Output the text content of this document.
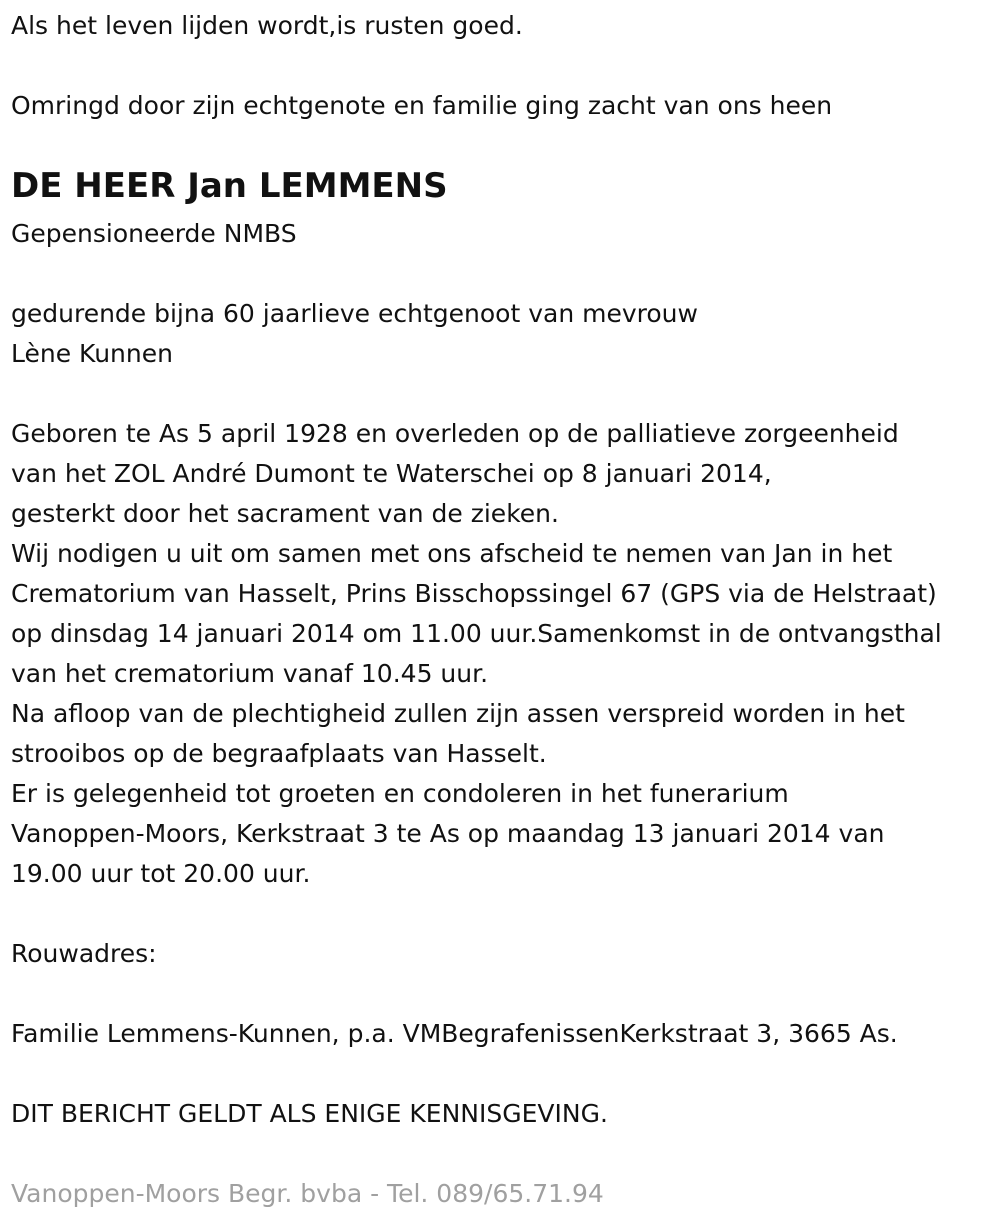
Als het leven lijden wordt,is rusten goed.
Omringd door zijn echtgenote en familie ging zacht van ons heen
DE HEER Jan LEMMENS
Gepensioneerde NMBS
gedurende bijna 60 jaarlieve echtgenoot van mevrouw
Lène Kunnen
Geboren te As 5 april 1928 en overleden op de palliatieve zorgeenheid
van het ZOL André Dumont te Waterschei op 8 januari 2014,
gesterkt door het sacrament van de zieken.
Wij nodigen u uit om samen met ons afscheid te nemen van Jan in het
Crematorium van Hasselt, Prins Bisschopssingel 67 (GPS via de Helstraat)
op dinsdag 14 januari 2014 om 11.00 uur.Samenkomst in de ontvangsthal
van het crematorium vanaf 10.45 uur.
Na afloop van de plechtigheid zullen zijn assen verspreid worden in het
strooibos op de begraafplaats van Hasselt.
Er is gelegenheid tot groeten en condoleren in het funerarium
Vanoppen-Moors, Kerkstraat 3 te As op maandag 13 januari 2014 van
19.00 uur tot 20.00 uur.
Rouwadres:
Familie Lemmens-Kunnen, p.a. VMBegrafenissenKerkstraat 3, 3665 As.
DIT BERICHT GELDT ALS ENIGE KENNISGEVING.
Vanoppen-Moors Begr. bvba - Tel. 089/65.71.94
